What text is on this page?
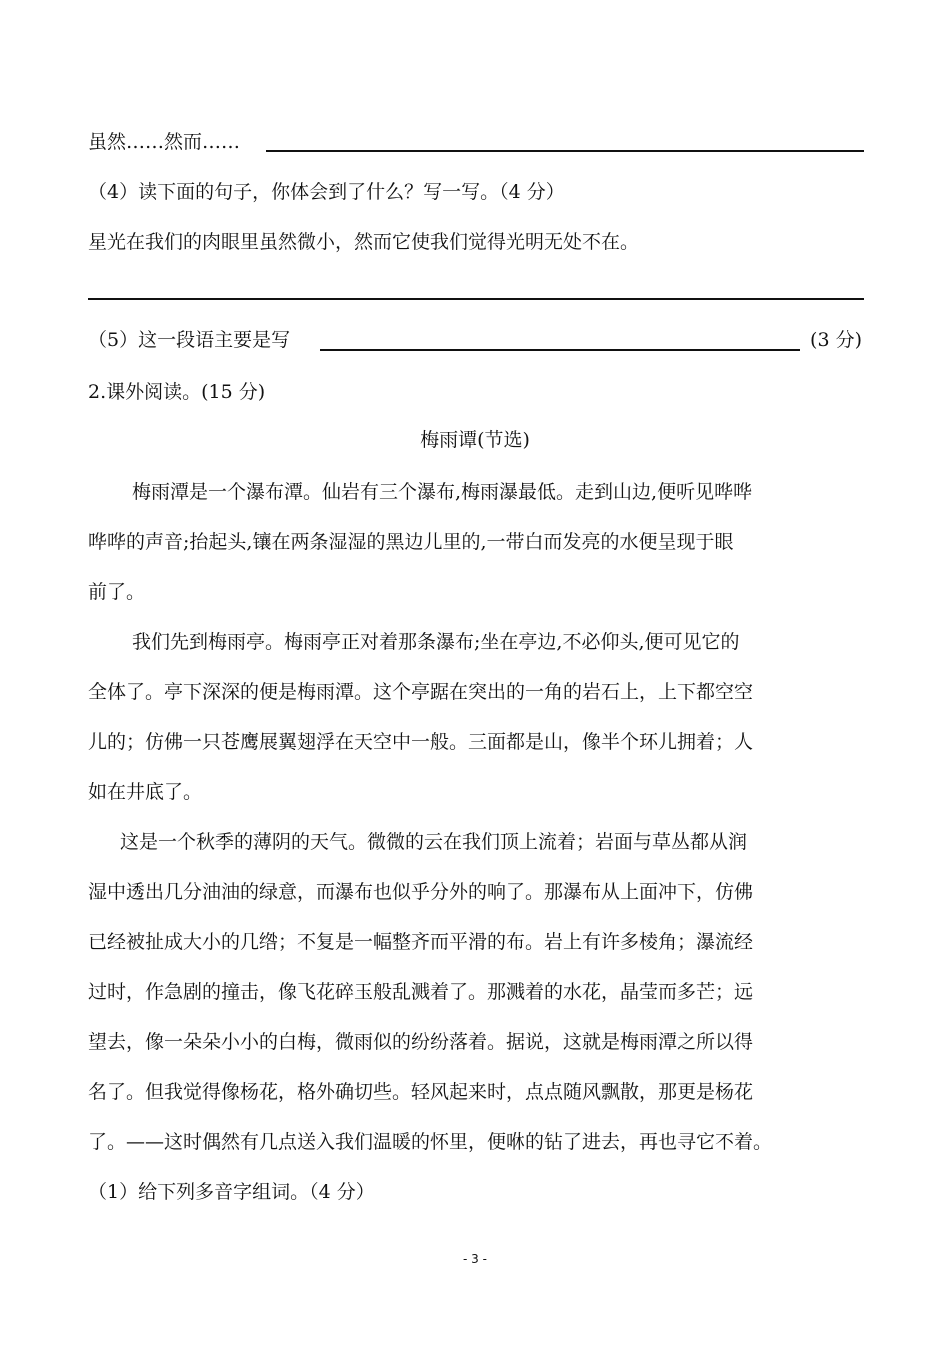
虽然……然而……
（4）读下面的句子，你体会到了什么？写一写。（4 分）
星光在我们的肉眼里虽然微小，然而它使我们觉得光明无处不在。
（5）这一段语主要是写	(3 分)
2.课外阅读。(15 分)
梅雨谭(节选)
梅雨潭是一个瀑布潭。仙岩有三个瀑布,梅雨瀑最低。走到山边,便听见哗哗
哗哗的声音;抬起头,镶在两条湿湿的黑边儿里的,一带白而发亮的水便呈现于眼
前了。
我们先到梅雨亭。梅雨亭正对着那条瀑布;坐在亭边,不必仰头,便可见它的
全体了。亭下深深的便是梅雨潭。这个亭踞在突出的一角的岩石上，上下都空空
儿的；仿佛一只苍鹰展翼翅浮在天空中一般。三面都是山，像半个环儿拥着；人
如在井底了。
这是一个秋季的薄阴的天气。微微的云在我们顶上流着；岩面与草丛都从润
湿中透出几分油油的绿意，而瀑布也似乎分外的响了。那瀑布从上面冲下，仿佛
已经被扯成大小的几绺；不复是一幅整齐而平滑的布。岩上有许多棱角；瀑流经
过时，作急剧的撞击，像飞花碎玉般乱溅着了。那溅着的水花，晶莹而多芒；远
望去，像一朵朵小小的白梅，微雨似的纷纷落着。据说，这就是梅雨潭之所以得
名了。但我觉得像杨花，格外确切些。轻风起来时，点点随风飘散，那更是杨花
了。——这时偶然有几点送入我们温暖的怀里，便咻的钻了进去，再也寻它不着。
（1）给下列多音字组词。（4 分）
- 3 -
